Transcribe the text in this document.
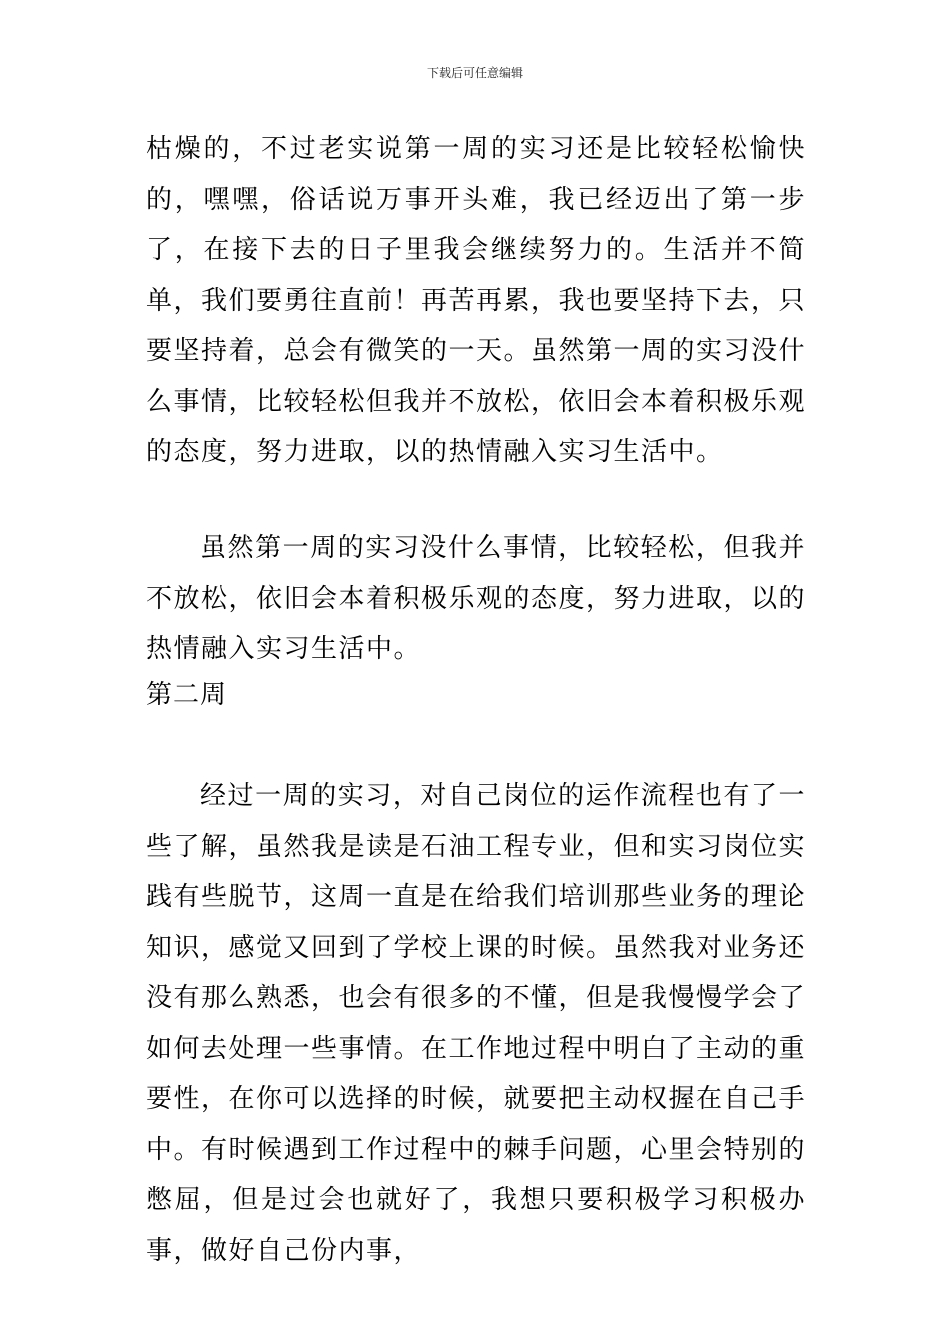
下载后可任意编辑

枯燥的，不过老实说第一周的实习还是比较轻松愉快的，嘿嘿，俗话说万事开头难，我已经迈出了第一步了，在接下去的日子里我会继续努力的。生活并不简单，我们要勇往直前！再苦再累，我也要坚持下去，只要坚持着，总会有微笑的一天。虽然第一周的实习没什么事情，比较轻松但我并不放松，依旧会本着积极乐观的态度，努力进取，以的热情融入实习生活中。

虽然第一周的实习没什么事情，比较轻松，但我并不放松，依旧会本着积极乐观的态度，努力进取，以的热情融入实习生活中。

第二周

经过一周的实习，对自己岗位的运作流程也有了一些了解，虽然我是读是石油工程专业，但和实习岗位实践有些脱节，这周一直是在给我们培训那些业务的理论知识，感觉又回到了学校上课的时候。虽然我对业务还没有那么熟悉，也会有很多的不懂，但是我慢慢学会了如何去处理一些事情。在工作地过程中明白了主动的重要性，在你可以选择的时候，就要把主动权握在自己手中。有时候遇到工作过程中的棘手问题，心里会特别的憋屈，但是过会也就好了，我想只要积极学习积极办事，做好自己份内事，
